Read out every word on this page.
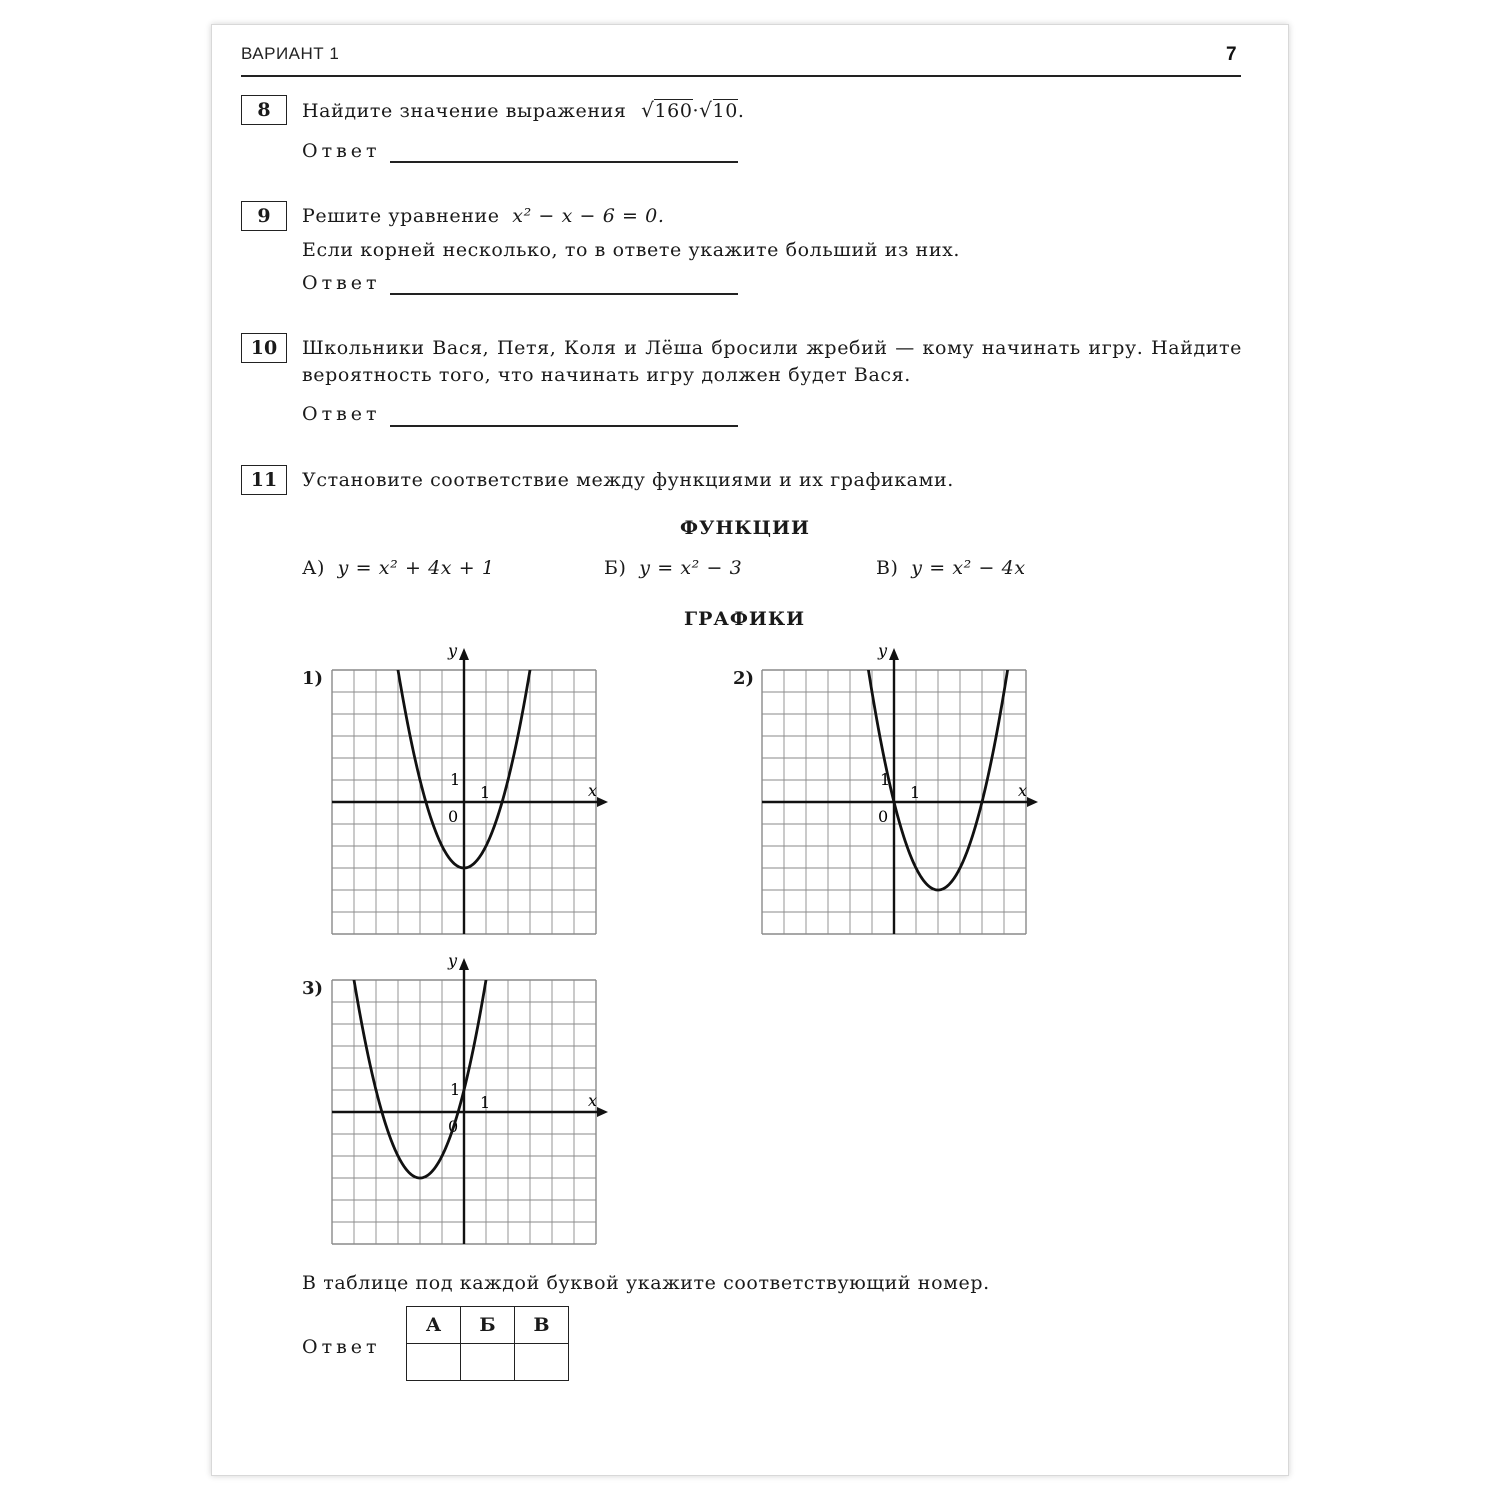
ВАРИАНТ 1	7
8	Найдите значение выражения √160·√10.
Ответ
9	Решите уравнение x² − x − 6 = 0.
Если корней несколько, то в ответе укажите больший из них.
Ответ
10	Школьники Вася, Петя, Коля и Лёша бросили жребий — кому начинать игру. Найдите вероятность того, что начинать игру должен будет Вася.
Ответ
11	Установите соответствие между функциями и их графиками.
ФУНКЦИИ
А) y = x² + 4x + 1	Б) y = x² − 3	В) y = x² − 4x
ГРАФИКИ
1)	2)
3)
x
y
0
1
1
x
y
0
1
1
x
y
0
1
1
В таблице под каждой буквой укажите соответствующий номер.
Ответ
А	Б	В
